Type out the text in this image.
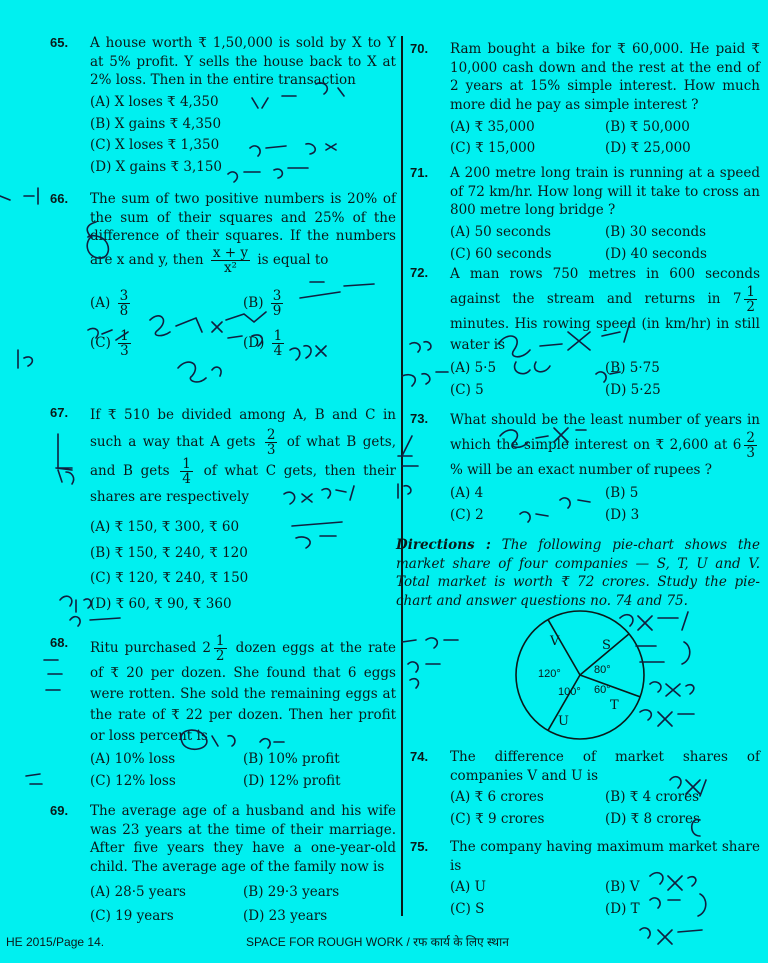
65. A house worth ₹ 1,50,000 is sold by X to Y at 5% profit. Y sells the house back to X at 2% loss. Then in the entire transaction
(A) X loses ₹ 4,350
(B) X gains ₹ 4,350
(C) X loses ₹ 1,350
(D) X gains ₹ 3,150
66. The sum of two positive numbers is 20% of the sum of their squares and 25% of the difference of their squares. If the numbers are x and y, then $\frac{x + y}{\text{x²}}$ is equal to
$(A) \frac{3}{8}$	$(B) \frac{3}{9}$
$(C) \frac{1}{3}$	$(D) \frac{1}{4}$
67. If ₹ 510 be divided among A, B and C in such a way that A gets $\frac{2}{3}$ of what B gets, and B gets $\frac{1}{4}$ of what C gets, then their shares are respectively
(A) ₹ 150, ₹ 300, ₹ 60
(B) ₹ 150, ₹ 240, ₹ 120
(C) ₹ 120, ₹ 240, ₹ 150
(D) ₹ 60, ₹ 90, ₹ 360
68. Ritu purchased $2 \frac{1}{2}$ dozen eggs at the rate of ₹ 20 per dozen. She found that 6 eggs were rotten. She sold the remaining eggs at the rate of ₹ 22 per dozen. Then her profit or loss percent is
(A) 10% loss	(B) 10% profit
(C) 12% loss	(D) 12% profit
69. The average age of a husband and his wife was 23 years at the time of their marriage. After five years they have a one-year-old child. The average age of the family now is
(A) 28·5 years	(B) 29·3 years
(C) 19 years	(D) 23 years
70. Ram bought a bike for ₹ 60,000. He paid ₹ 10,000 cash down and the rest at the end of 2 years at 15% simple interest. How much more did he pay as simple interest ?
(A) ₹ 35,000	(B) ₹ 50,000
(C) ₹ 15,000	(D) ₹ 25,000
71. A 200 metre long train is running at a speed of 72 km/hr. How long will it take to cross an 800 metre long bridge ?
(A) 50 seconds	(B) 30 seconds
(C) 60 seconds	(D) 40 seconds
72. A man rows 750 metres in 600 seconds against the stream and returns in $7 \frac{1}{2}$
minutes. His rowing speed (in km/hr) in still water is
(A) 5·5	(B) 5·75
(C) 5	(D) 5·25
73. What should be the least number of years in which the simple interest on ₹ 2,600 at $6 \frac{2}{3}$
% will be an exact number of rupees ?
(A) 4	(B) 5
(C) 2	(D) 3

Directions : The following pie-chart shows the market share of four companies — S, T, U and V. Total market is worth ₹ 72 crores. Study the pie-chart and answer questions no. 74 and 75.

74. The difference of market shares of companies V and U is
(A) ₹ 6 crores	(B) ₹ 4 crores
(C) ₹ 9 crores	(D) ₹ 8 crores
75. The company having maximum market share is
(A) U	(B) V
(C) S	(D) T
V
120°
S
80°
T
60°
U
100°
HE 2015/Page 14.	SPACE FOR ROUGH WORK / रफ कार्य के लिए स्थान
